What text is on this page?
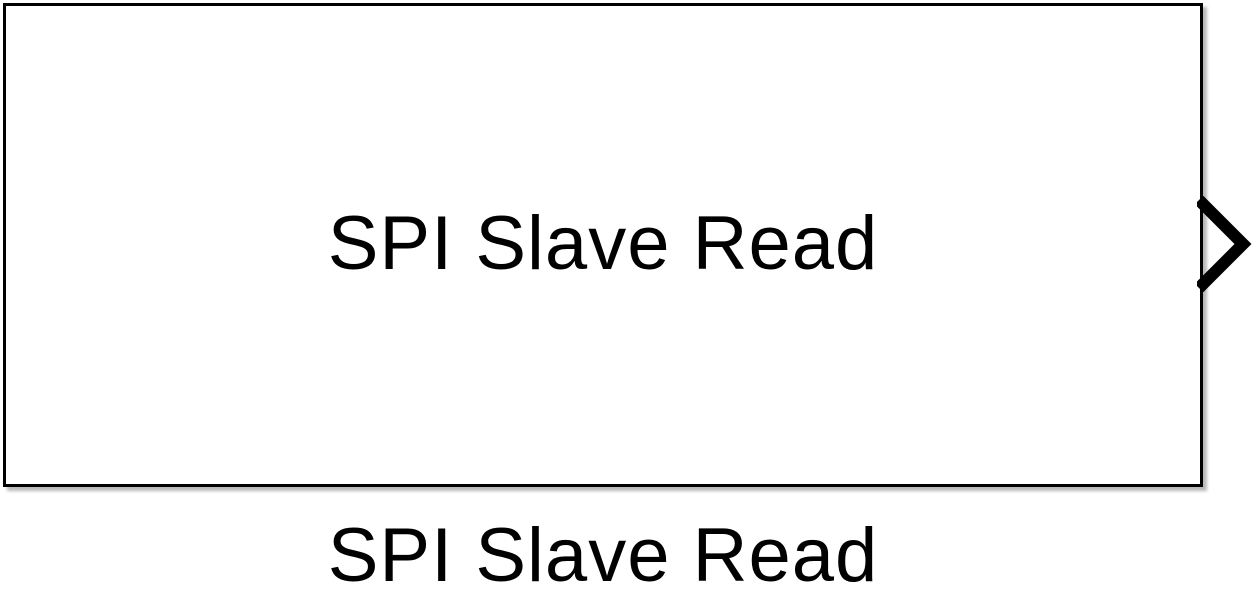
SPI Slave Read
SPI Slave Read
